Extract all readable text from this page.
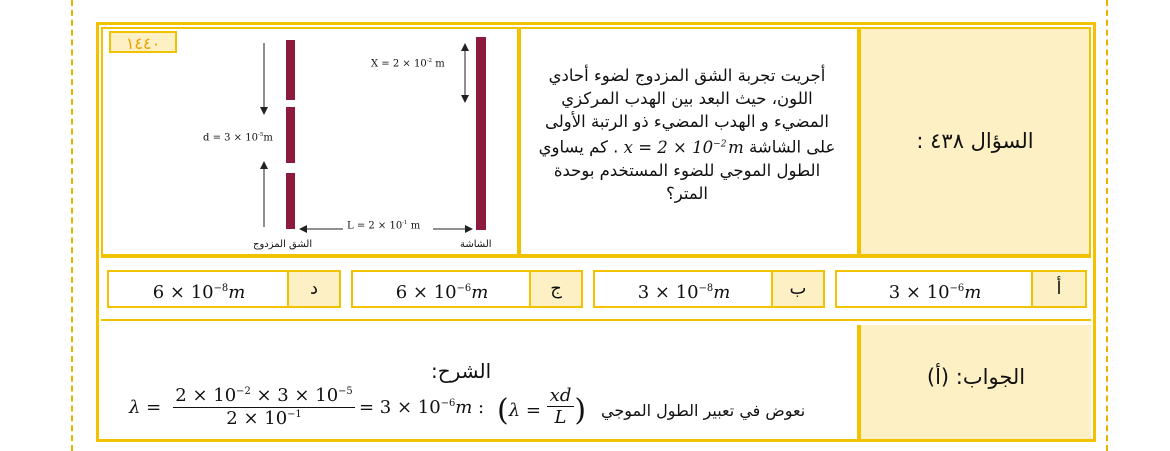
١٤٤٠
$X = 2 \times 10^{-2}$ m
$d = 3 \times 10^{-5}m$
$L = 2 \times 10^{-1}$ m
الشق المزدوج	الشاشة
أجريت تجربة الشق المزدوج لضوء أحادي
اللون، حيث البعد بين الهدب المركزي
المضيء و الهدب المضيء ذو الرتبة الأولى
على الشاشة $x = 2 \times 10^{-2}$  m . كم يساوي
الطول الموجي للضوء المستخدم بوحدة
المتر؟
السؤال ٤٣٨ :
أ
$3 \times 10^{-6}m$
ب
$3 \times 10^{-8}m$
ج
$6 \times 10^{-6}m$
د
$6 \times 10^{-8}m$
الشرح:
λ =
$2 \times 10^{-2} \times 3 \times 10^{-5}$
$2 \times 10^{-1}$	= $3 \times 10^{-6}m$ : ($\lambda = \frac{xd}{L}$ ) نعوض في تعبير الطول الموجي
الجواب: (أ)
